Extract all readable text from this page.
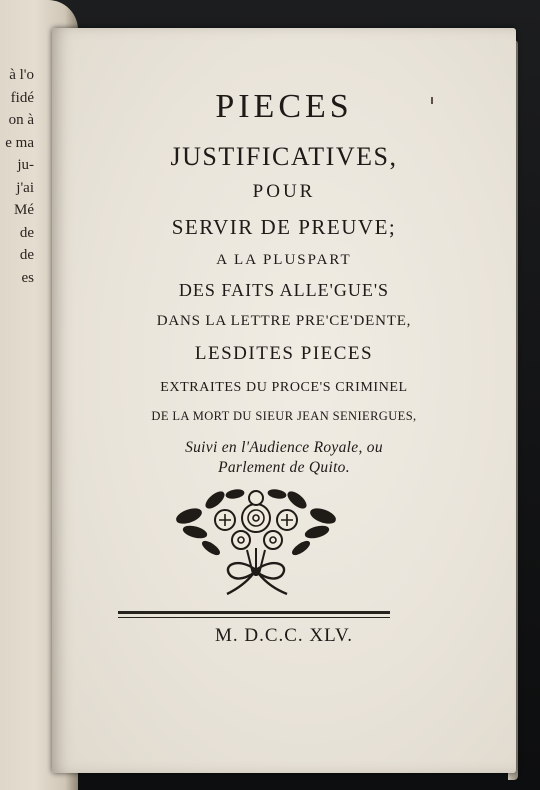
à l'o
fidé
on à
e ma
ju-
j'ai
Mé
de
de
es
PIECES
JUSTIFICATIVES,
POUR
SERVIR DE PREUVE;
A LA PLUSPART
DES FAITS ALLE'GUE'S
DANS LA LETTRE PRE'CE'DENTE,
LESDITES PIECES
EXTRAITES DU PROCE'S CRIMINEL
DE LA MORT DU SIEUR JEAN SENIERGUES,
Suivi en l'Audience Royale, ou
Parlement de Quito.
M. D.C.C. XLV.
